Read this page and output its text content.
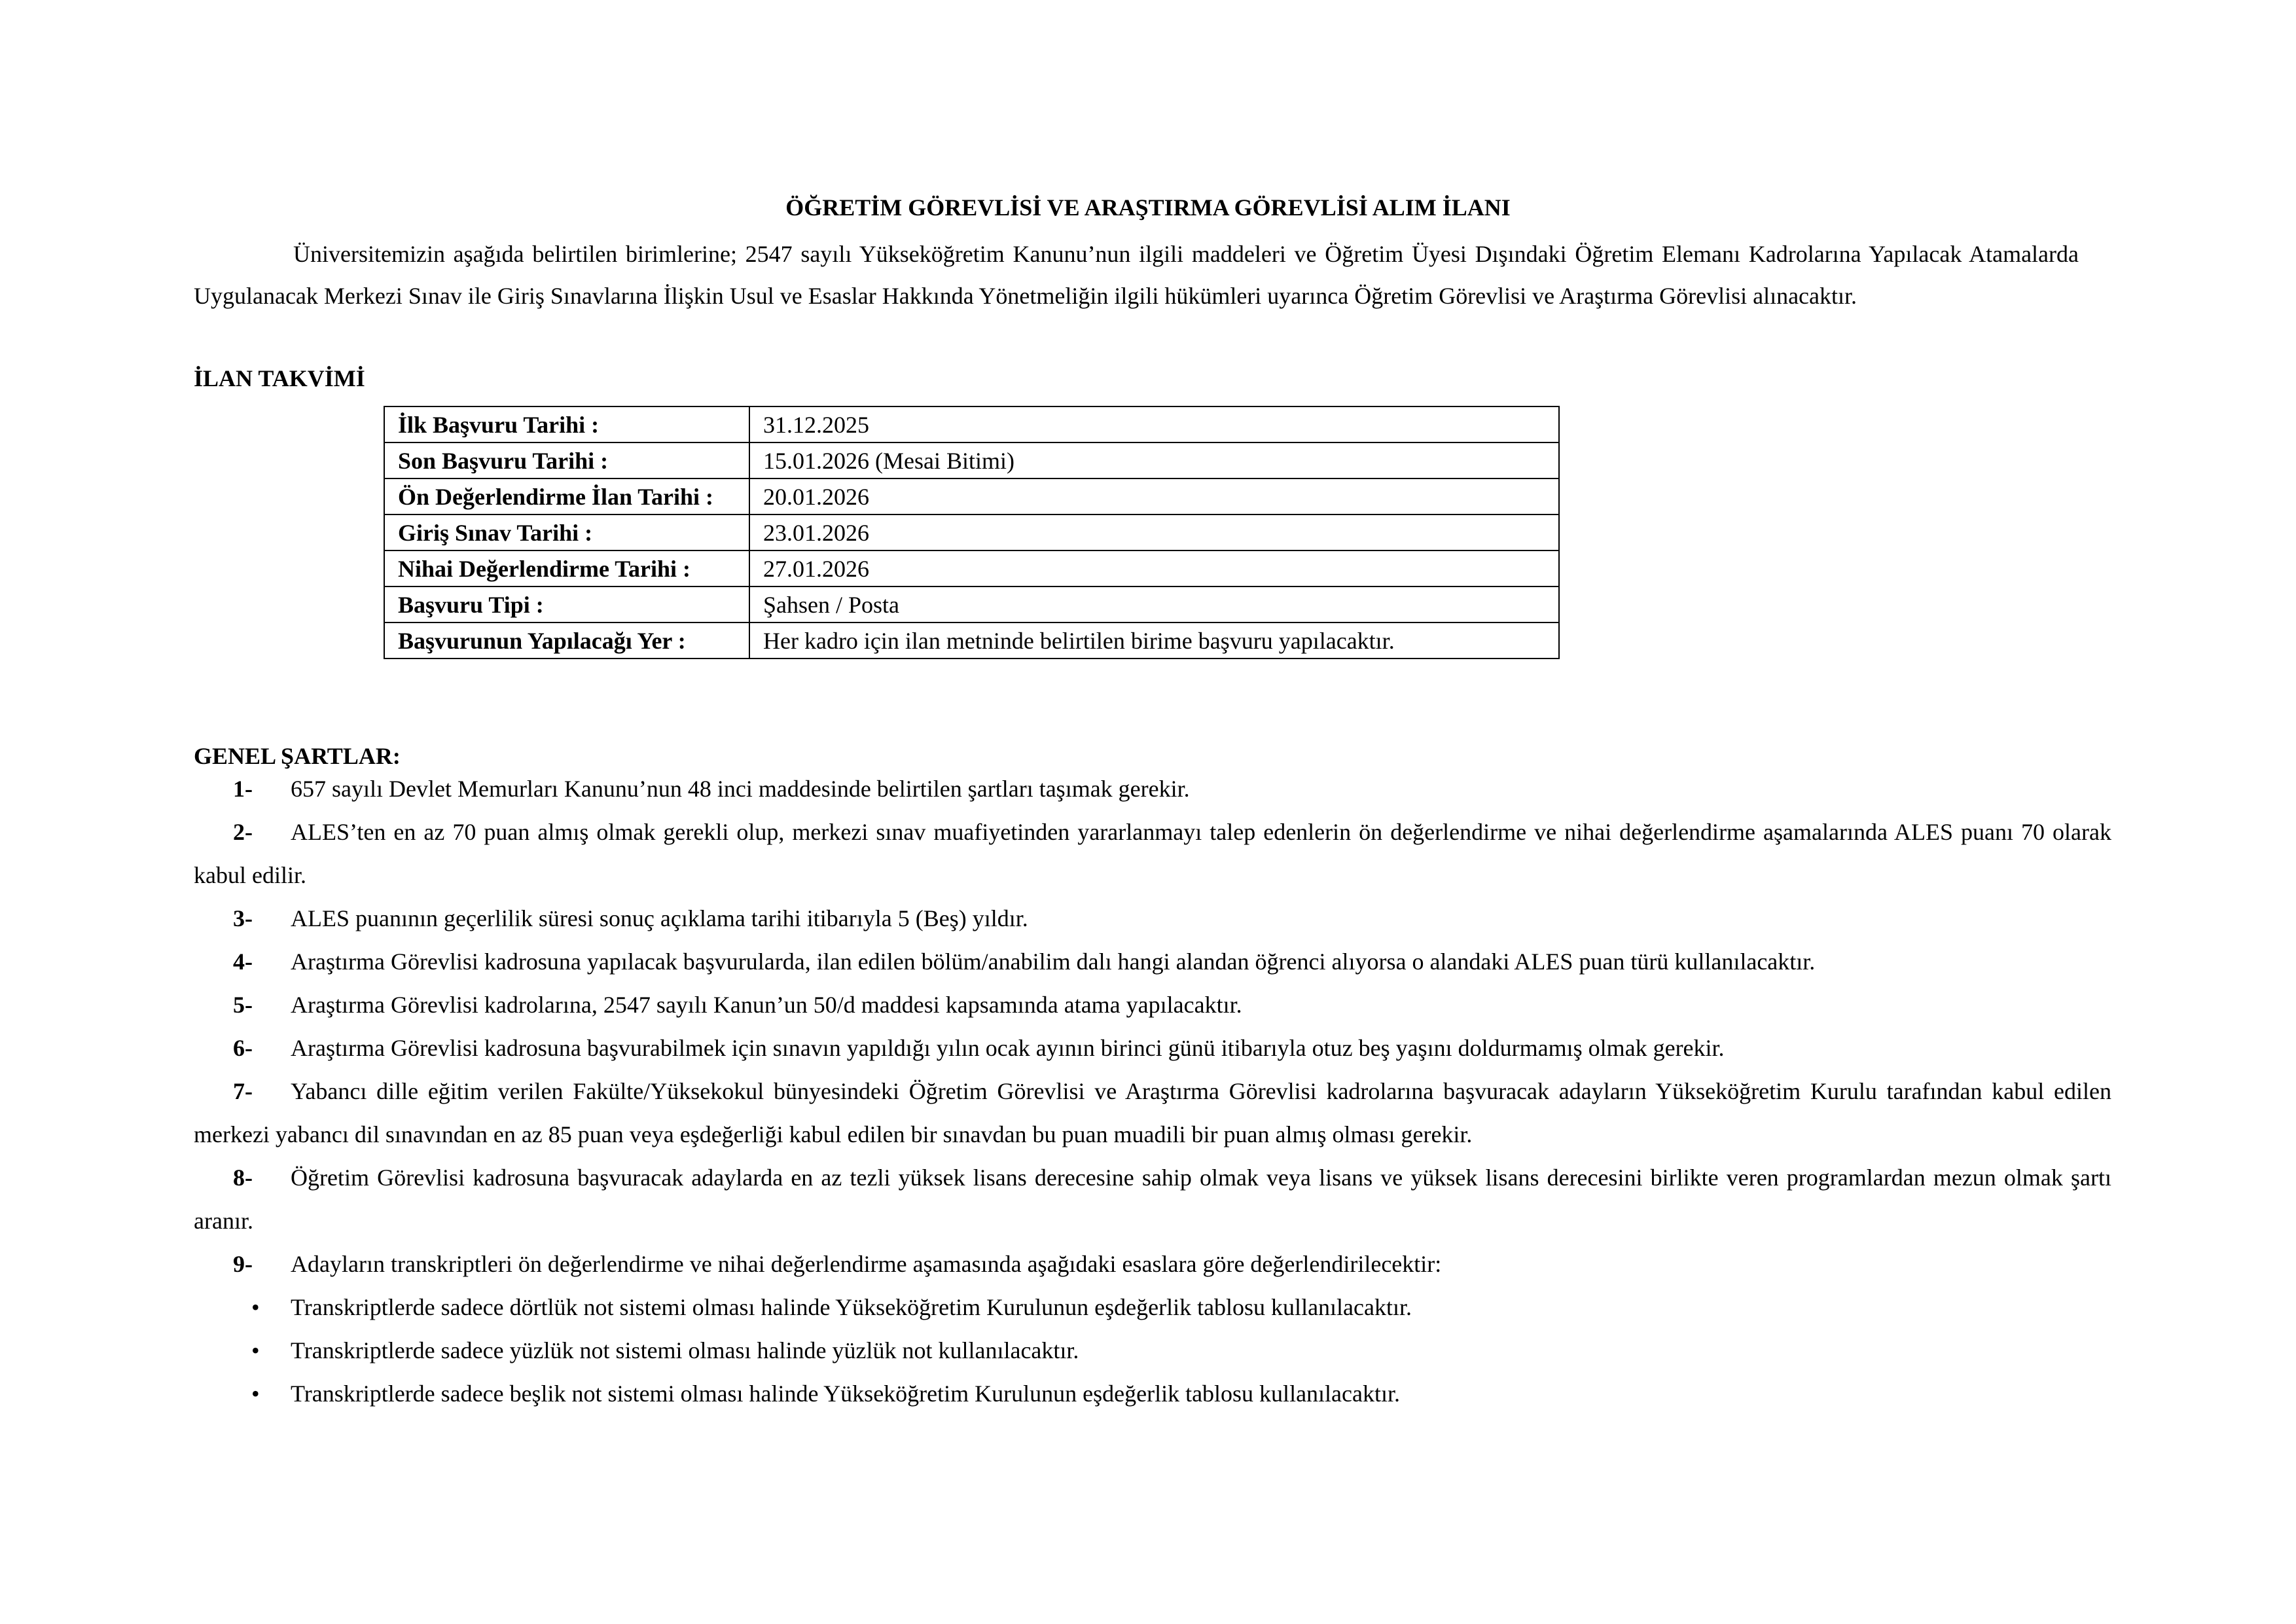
ÖĞRETİM GÖREVLİSİ VE ARAŞTIRMA GÖREVLİSİ ALIM İLANI
Üniversitemizin aşağıda belirtilen birimlerine; 2547 sayılı Yükseköğretim Kanunu’nun ilgili maddeleri ve Öğretim Üyesi Dışındaki Öğretim Elemanı Kadrolarına Yapılacak Atamalarda Uygulanacak Merkezi Sınav ile Giriş Sınavlarına İlişkin Usul ve Esaslar Hakkında Yönetmeliğin ilgili hükümleri uyarınca Öğretim Görevlisi ve Araştırma Görevlisi alınacaktır.
İLAN TAKVİMİ
İlk Başvuru Tarihi :	31.12.2025
Son Başvuru Tarihi :	15.01.2026 (Mesai Bitimi)
Ön Değerlendirme İlan Tarihi :	20.01.2026
Giriş Sınav Tarihi :	23.01.2026
Nihai Değerlendirme Tarihi :	27.01.2026
Başvuru Tipi :	Şahsen / Posta
Başvurunun Yapılacağı Yer :	Her kadro için ilan metninde belirtilen birime başvuru yapılacaktır.
GENEL ŞARTLAR:
1- 657 sayılı Devlet Memurları Kanunu’nun 48 inci maddesinde belirtilen şartları taşımak gerekir.
2- ALES’ten en az 70 puan almış olmak gerekli olup, merkezi sınav muafiyetinden yararlanmayı talep edenlerin ön değerlendirme ve nihai değerlendirme aşamalarında ALES puanı 70 olarak kabul edilir.
3- ALES puanının geçerlilik süresi sonuç açıklama tarihi itibarıyla 5 (Beş) yıldır.
4- Araştırma Görevlisi kadrosuna yapılacak başvurularda, ilan edilen bölüm/anabilim dalı hangi alandan öğrenci alıyorsa o alandaki ALES puan türü kullanılacaktır.
5- Araştırma Görevlisi kadrolarına, 2547 sayılı Kanun’un 50/d maddesi kapsamında atama yapılacaktır.
6- Araştırma Görevlisi kadrosuna başvurabilmek için sınavın yapıldığı yılın ocak ayının birinci günü itibarıyla otuz beş yaşını doldurmamış olmak gerekir.
7- Yabancı dille eğitim verilen Fakülte/Yüksekokul bünyesindeki Öğretim Görevlisi ve Araştırma Görevlisi kadrolarına başvuracak adayların Yükseköğretim Kurulu tarafından kabul edilen merkezi yabancı dil sınavından en az 85 puan veya eşdeğerliği kabul edilen bir sınavdan bu puan muadili bir puan almış olması gerekir.
8- Öğretim Görevlisi kadrosuna başvuracak adaylarda en az tezli yüksek lisans derecesine sahip olmak veya lisans ve yüksek lisans derecesini birlikte veren programlardan mezun olmak şartı aranır.
9- Adayların transkriptleri ön değerlendirme ve nihai değerlendirme aşamasında aşağıdaki esaslara göre değerlendirilecektir:
• Transkriptlerde sadece dörtlük not sistemi olması halinde Yükseköğretim Kurulunun eşdeğerlik tablosu kullanılacaktır.
• Transkriptlerde sadece yüzlük not sistemi olması halinde yüzlük not kullanılacaktır.
• Transkriptlerde sadece beşlik not sistemi olması halinde Yükseköğretim Kurulunun eşdeğerlik tablosu kullanılacaktır.
